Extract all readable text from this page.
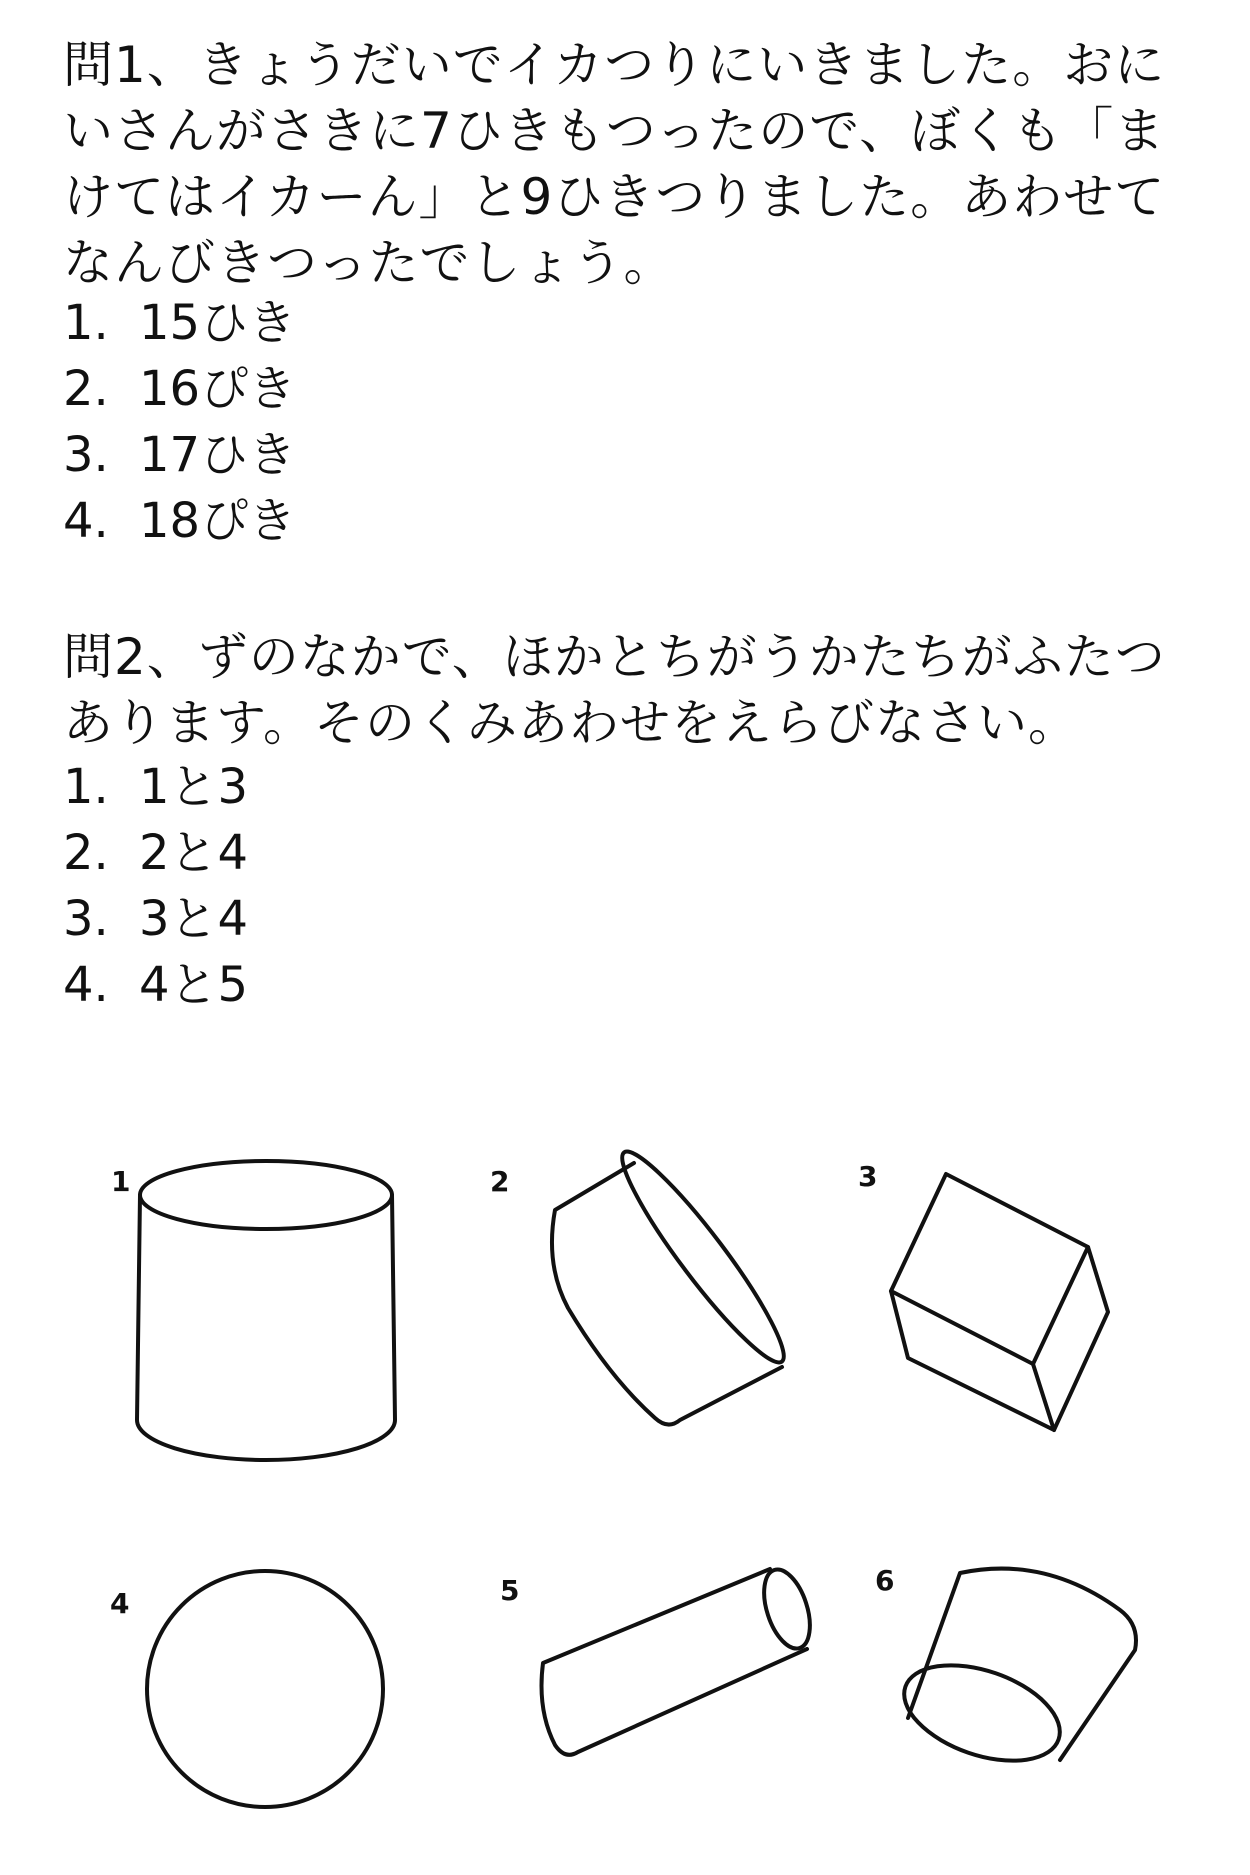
問1、きょうだいでイカつりにいきました。おにいさんがさきに7ひきもつったので、ぼくも「まけてはイカーん」と9ひきつりました。あわせてなんびきつったでしょう。

1. 15ひき
2. 16ぴき
3. 17ひき
4. 18ぴき

問2、ずのなかで、ほかとちがうかたちがふたつあります。そのくみあわせをえらびなさい。

1. 1と3
2. 2と4
3. 3と4
4. 4と5
1	2	3
4	5	6
